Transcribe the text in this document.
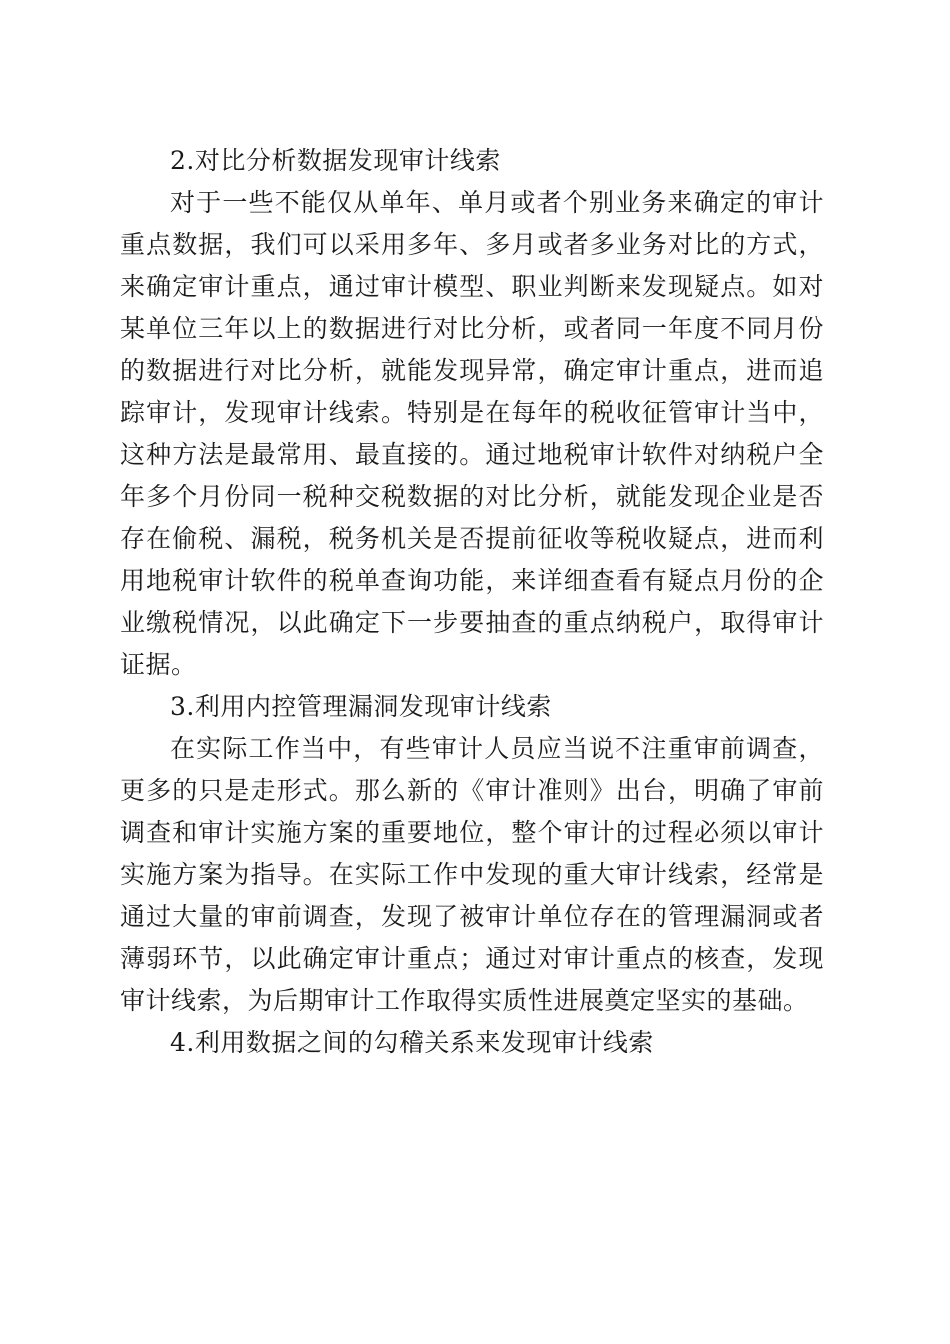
2.对比分析数据发现审计线索
对于一些不能仅从单年、单月或者个别业务来确定的审计
重点数据，我们可以采用多年、多月或者多业务对比的方式，
来确定审计重点，通过审计模型、职业判断来发现疑点。如对
某单位三年以上的数据进行对比分析，或者同一年度不同月份
的数据进行对比分析，就能发现异常，确定审计重点，进而追
踪审计，发现审计线索。特别是在每年的税收征管审计当中，
这种方法是最常用、最直接的。通过地税审计软件对纳税户全
年多个月份同一税种交税数据的对比分析，就能发现企业是否
存在偷税、漏税，税务机关是否提前征收等税收疑点，进而利
用地税审计软件的税单查询功能，来详细查看有疑点月份的企
业缴税情况，以此确定下一步要抽查的重点纳税户，取得审计
证据。
3.利用内控管理漏洞发现审计线索
在实际工作当中，有些审计人员应当说不注重审前调查，
更多的只是走形式。那么新的《审计准则》出台，明确了审前
调查和审计实施方案的重要地位，整个审计的过程必须以审计
实施方案为指导。在实际工作中发现的重大审计线索，经常是
通过大量的审前调查，发现了被审计单位存在的管理漏洞或者
薄弱环节，以此确定审计重点；通过对审计重点的核查，发现
审计线索，为后期审计工作取得实质性进展奠定坚实的基础。
4.利用数据之间的勾稽关系来发现审计线索
